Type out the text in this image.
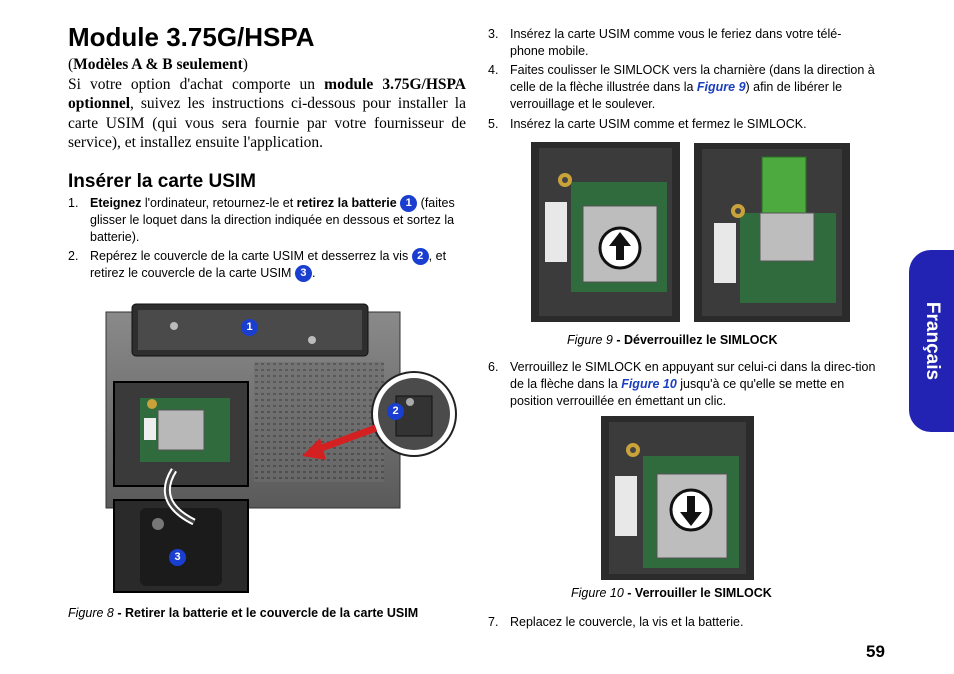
Module 3.75G/HSPA
(Modèles A & B seulement)
Si votre option d'achat comporte un module 3.75G/HSPA optionnel, suivez les instructions ci-dessous pour installer la carte USIM (qui vous sera fournie par votre fournisseur de service), et installez ensuite l'application.
Insérer la carte USIM
1. Eteignez l'ordinateur, retournez-le et retirez la batterie 1 (faites glisser le loquet dans la direction indiquée en dessous et sortez la batterie).
2. Repérez le couvercle de la carte USIM et desserrez la vis 2 , et retirez le couvercle de la carte USIM 3 .
1
2
3
Figure 8 - Retirer la batterie et le couvercle de la carte USIM
3. Insérez la carte USIM comme vous le feriez dans votre télé-phone mobile.
4. Faites coulisser le SIMLOCK vers la charnière (dans la direction à celle de la flèche illustrée dans la Figure 9) afin de libérer le verrouillage et le soulever.
5. Insérez la carte USIM comme et fermez le SIMLOCK.
Figure 9 - Déverrouillez le SIMLOCK
6. Verrouillez le SIMLOCK en appuyant sur celui-ci dans la direc-tion de la flèche dans la Figure 10 jusqu'à ce qu'elle se mette en position verrouillée en émettant un clic.
Figure 10 - Verrouiller le SIMLOCK
7. Replacez le couvercle, la vis et la batterie.
Français
59
